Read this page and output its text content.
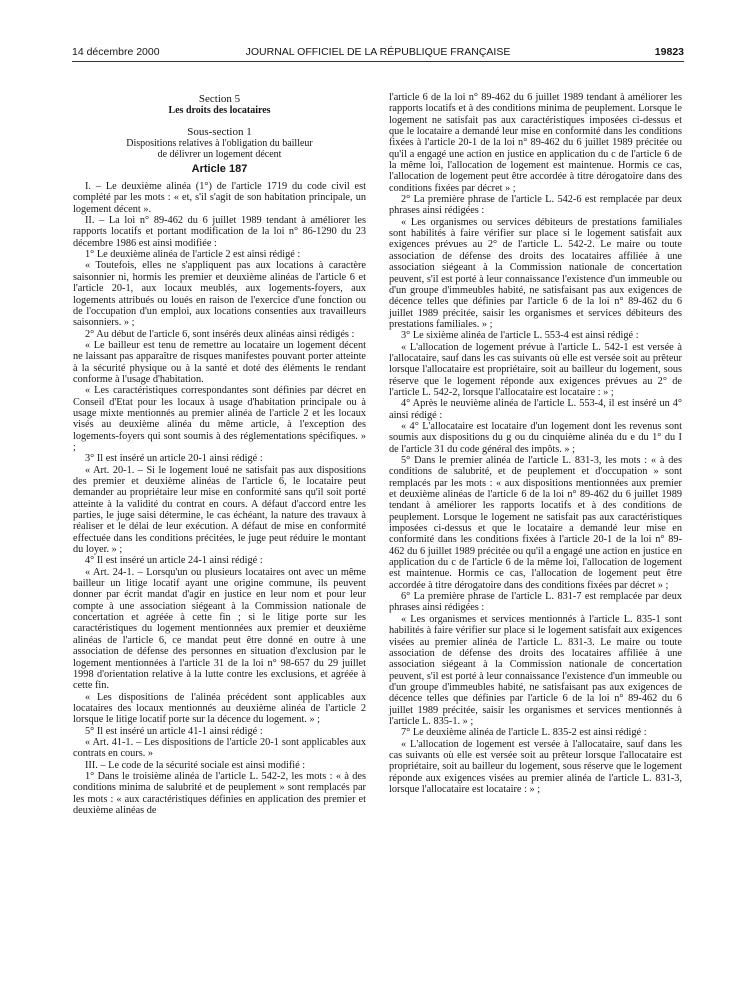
14 décembre 2000	JOURNAL OFFICIEL DE LA RÉPUBLIQUE FRANÇAISE	19823
Section 5
Les droits des locataires
Sous-section 1
Dispositions relatives à l'obligation du bailleur
de délivrer un logement décent
Article 187

I. – Le deuxième alinéa (1°) de l'article 1719 du code civil est complété par les mots : « et, s'il s'agit de son habitation principale, un logement décent ».

II. – La loi n° 89-462 du 6 juillet 1989 tendant à améliorer les rapports locatifs et portant modification de la loi n° 86-1290 du 23 décembre 1986 est ainsi modifiée :

1° Le deuxième alinéa de l'article 2 est ainsi rédigé :

« Toutefois, elles ne s'appliquent pas aux locations à caractère saisonnier ni, hormis les premier et deuxième alinéas de l'article 6 et l'article 20-1, aux locaux meublés, aux logements-foyers, aux logements attribués ou loués en raison de l'exercice d'une fonction ou de l'occupation d'un emploi, aux locations consenties aux travailleurs saisonniers. » ;

2° Au début de l'article 6, sont insérés deux alinéas ainsi rédigés :

« Le bailleur est tenu de remettre au locataire un logement décent ne laissant pas apparaître de risques manifestes pouvant porter atteinte à la sécurité physique ou à la santé et doté des éléments le rendant conforme à l'usage d'habitation.

« Les caractéristiques correspondantes sont définies par décret en Conseil d'Etat pour les locaux à usage d'habitation principale ou à usage mixte mentionnés au premier alinéa de l'article 2 et les locaux visés au deuxième alinéa du même article, à l'exception des logements-foyers qui sont soumis à des réglementations spécifiques. » ;

3° Il est inséré un article 20-1 ainsi rédigé :

« Art. 20-1. – Si le logement loué ne satisfait pas aux dispositions des premier et deuxième alinéas de l'article 6, le locataire peut demander au propriétaire leur mise en conformité sans qu'il soit porté atteinte à la validité du contrat en cours. A défaut d'accord entre les parties, le juge saisi détermine, le cas échéant, la nature des travaux à réaliser et le délai de leur exécution. A défaut de mise en conformité effectuée dans les conditions précitées, le juge peut réduire le montant du loyer. » ;

4° Il est inséré un article 24-1 ainsi rédigé :

« Art. 24-1. – Lorsqu'un ou plusieurs locataires ont avec un même bailleur un litige locatif ayant une origine commune, ils peuvent donner par écrit mandat d'agir en justice en leur nom et pour leur compte à une association siégeant à la Commission nationale de concertation et agréée à cette fin ; si le litige porte sur les caractéristiques du logement mentionnées aux premier et deuxième alinéas de l'article 6, ce mandat peut être donné en outre à une association de défense des personnes en situation d'exclusion par le logement mentionnées à l'article 31 de la loi n° 98-657 du 29 juillet 1998 d'orientation relative à la lutte contre les exclusions, et agréée à cette fin.

« Les dispositions de l'alinéa précédent sont applicables aux locataires des locaux mentionnés au deuxième alinéa de l'article 2 lorsque le litige locatif porte sur la décence du logement. » ;

5° Il est inséré un article 41-1 ainsi rédigé :

« Art. 41-1. – Les dispositions de l'article 20-1 sont applicables aux contrats en cours. »

III. – Le code de la sécurité sociale est ainsi modifié :

1° Dans le troisième alinéa de l'article L. 542-2, les mots : « à des conditions minima de salubrité et de peuplement » sont remplacés par les mots : « aux caractéristiques définies en application des premier et deuxième alinéas de

l'article 6 de la loi n° 89-462 du 6 juillet 1989 tendant à améliorer les rapports locatifs et à des conditions minima de peuplement. Lorsque le logement ne satisfait pas aux caractéristiques imposées ci-dessus et que le locataire a demandé leur mise en conformité dans les conditions fixées à l'article 20-1 de la loi n° 89-462 du 6 juillet 1989 précitée ou qu'il a engagé une action en justice en application du c de l'article 6 de la même loi, l'allocation de logement est maintenue. Hormis ce cas, l'allocation de logement peut être accordée à titre dérogatoire dans des conditions fixées par décret » ;

2° La première phrase de l'article L. 542-6 est remplacée par deux phrases ainsi rédigées :

« Les organismes ou services débiteurs de prestations familiales sont habilités à faire vérifier sur place si le logement satisfait aux exigences prévues au 2° de l'article L. 542-2. Le maire ou toute association de défense des droits des locataires affiliée à une association siégeant à la Commission nationale de concertation peuvent, s'il est porté à leur connaissance l'existence d'un immeuble ou d'un groupe d'immeubles habité, ne satisfaisant pas aux exigences de décence telles que définies par l'article 6 de la loi n° 89-462 du 6 juillet 1989 précitée, saisir les organismes et services débiteurs des prestations familiales. » ;

3° Le sixième alinéa de l'article L. 553-4 est ainsi rédigé :

« L'allocation de logement prévue à l'article L. 542-1 est versée à l'allocataire, sauf dans les cas suivants où elle est versée soit au prêteur lorsque l'allocataire est propriétaire, soit au bailleur du logement, sous réserve que le logement réponde aux exigences prévues au 2° de l'article L. 542-2, lorsque l'allocataire est locataire : » ;

4° Après le neuvième alinéa de l'article L. 553-4, il est inséré un 4° ainsi rédigé :

« 4° L'allocataire est locataire d'un logement dont les revenus sont soumis aux dispositions du g ou du cinquième alinéa du e du 1° du I de l'article 31 du code général des impôts. » ;

5° Dans le premier alinéa de l'article L. 831-3, les mots : « à des conditions de salubrité, et de peuplement et d'occupation » sont remplacés par les mots : « aux dispositions mentionnées aux premier et deuxième alinéas de l'article 6 de la loi n° 89-462 du 6 juillet 1989 tendant à améliorer les rapports locatifs et à des conditions de peuplement. Lorsque le logement ne satisfait pas aux caractéristiques imposées ci-dessus et que le locataire a demandé leur mise en conformité dans les conditions fixées à l'article 20-1 de la loi n° 89-462 du 6 juillet 1989 précitée ou qu'il a engagé une action en justice en application du c de l'article 6 de la même loi, l'allocation de logement est maintenue. Hormis ce cas, l'allocation de logement peut être accordée à titre dérogatoire dans des conditions fixées par décret » ;

6° La première phrase de l'article L. 831-7 est remplacée par deux phrases ainsi rédigées :

« Les organismes et services mentionnés à l'article L. 835-1 sont habilités à faire vérifier sur place si le logement satisfait aux exigences visées au premier alinéa de l'article L. 831-3. Le maire ou toute association de défense des droits des locataires affiliée à une association siégeant à la Commission nationale de concertation peuvent, s'il est porté à leur connaissance l'existence d'un immeuble ou d'un groupe d'immeubles habité, ne satisfaisant pas aux exigences de décence telles que définies par l'article 6 de la loi n° 89-462 du 6 juillet 1989 précitée, saisir les organismes et services mentionnés à l'article L. 835-1. » ;

7° Le deuxième alinéa de l'article L. 835-2 est ainsi rédigé :

« L'allocation de logement est versée à l'allocataire, sauf dans les cas suivants où elle est versée soit au prêteur lorsque l'allocataire est propriétaire, soit au bailleur du logement, sous réserve que le logement réponde aux exigences visées au premier alinéa de l'article L. 831-3, lorsque l'allocataire est locataire : » ;
